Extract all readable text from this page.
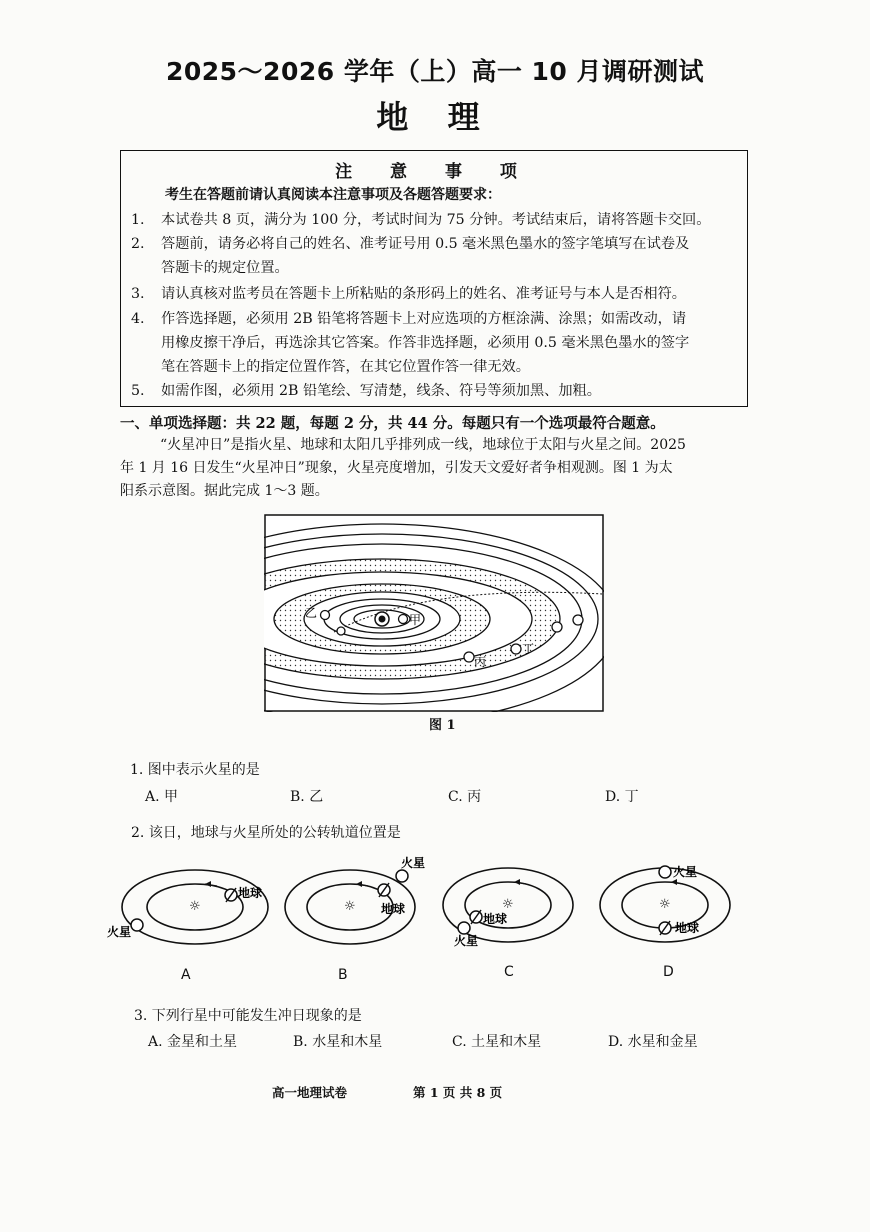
2025～2026 学年（上）高一 10 月调研测试
地 理
注 意 事 项
考生在答题前请认真阅读本注意事项及各题答题要求：
1. 本试卷共 8 页，满分为 100 分，考试时间为 75 分钟。考试结束后，请将答题卡交回。
2. 答题前，请务必将自己的姓名、准考证号用 0.5 毫米黑色墨水的签字笔填写在试卷及
答题卡的规定位置。
3. 请认真核对监考员在答题卡上所粘贴的条形码上的姓名、准考证号与本人是否相符。
4. 作答选择题，必须用 2B 铅笔将答题卡上对应选项的方框涂满、涂黑；如需改动，请
用橡皮擦干净后，再选涂其它答案。作答非选择题，必须用 0.5 毫米黑色墨水的签字
笔在答题卡上的指定位置作答，在其它位置作答一律无效。
5. 如需作图，必须用 2B 铅笔绘、写清楚，线条、符号等须加黑、加粗。
一、单项选择题：共 22 题，每题 2 分，共 44 分。每题只有一个选项最符合题意。
“火星冲日”是指火星、地球和太阳几乎排列成一线，地球位于太阳与火星之间。2025
年 1 月 16 日发生“火星冲日”现象，火星亮度增加，引发天文爱好者争相观测。图 1 为太
阳系示意图。据此完成 1～3 题。
甲
乙
丙
丁
图 1
1. 图中表示火星的是
A. 甲	B. 乙	C. 丙	D. 丁
2. 该日，地球与火星所处的公转轨道位置是
☼
地球
火星
A
☼ 地球
火星
B
☼
地球
火星
C
☼
地球
火星
D
3. 下列行星中可能发生冲日现象的是
A. 金星和土星	B. 水星和木星	C. 土星和木星	D. 水星和金星
高一地理试卷	第 1 页 共 8 页
